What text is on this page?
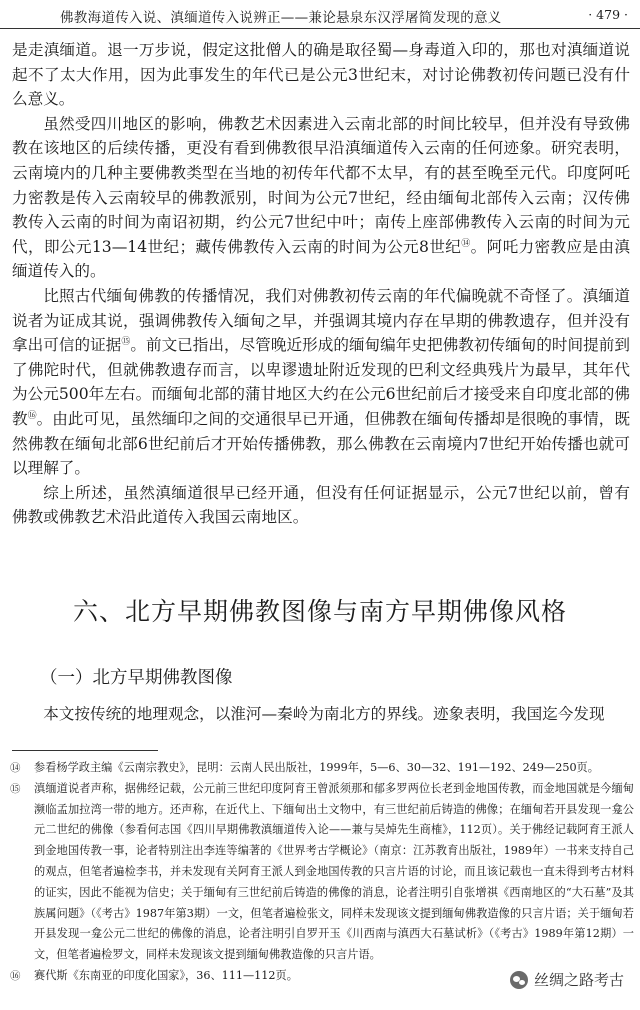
佛教海道传入说、滇缅道传入说辨正——兼论悬泉东汉浮屠简发现的意义	· 479 ·

是走滇缅道。退一万步说，假定这批僧人的确是取径蜀—身毒道入印的，那也对滇缅道说起不了太大作用，因为此事发生的年代已是公元3世纪末，对讨论佛教初传问题已没有什么意义。

虽然受四川地区的影响，佛教艺术因素进入云南北部的时间比较早，但并没有导致佛教在该地区的后续传播，更没有看到佛教很早沿滇缅道传入云南的任何迹象。研究表明，云南境内的几种主要佛教类型在当地的初传年代都不太早，有的甚至晚至元代。印度阿吒力密教是传入云南较早的佛教派别，时间为公元7世纪，经由缅甸北部传入云南；汉传佛教传入云南的时间为南诏初期，约公元7世纪中叶；南传上座部佛教传入云南的时间为元代，即公元13—14世纪；藏传佛教传入云南的时间为公元8世纪⑭。阿吒力密教应是由滇缅道传入的。

比照古代缅甸佛教的传播情况，我们对佛教初传云南的年代偏晚就不奇怪了。滇缅道说者为证成其说，强调佛教传入缅甸之早，并强调其境内存在早期的佛教遗存，但并没有拿出可信的证据⑮。前文已指出，尽管晚近形成的缅甸编年史把佛教初传缅甸的时间提前到了佛陀时代，但就佛教遗存而言，以卑谬遗址附近发现的巴利文经典残片为最早，其年代为公元500年左右。而缅甸北部的蒲甘地区大约在公元6世纪前后才接受来自印度北部的佛教⑯。由此可见，虽然缅印之间的交通很早已开通，但佛教在缅甸传播却是很晚的事情，既然佛教在缅甸北部6世纪前后才开始传播佛教，那么佛教在云南境内7世纪开始传播也就可以理解了。

综上所述，虽然滇缅道很早已经开通，但没有任何证据显示，公元7世纪以前，曾有佛教或佛教艺术沿此道传入我国云南地区。

六、北方早期佛教图像与南方早期佛像风格
（一）北方早期佛教图像
本文按传统的地理观念，以淮河—秦岭为南北方的界线。迹象表明，我国迄今发现
⑭	参看杨学政主编《云南宗教史》，昆明：云南人民出版社，1999年，5—6、30—32、191—192、249—250页。
⑮	滇缅道说者声称，据佛经记载，公元前三世纪印度阿育王曾派须那和郁多罗两位长老到金地国传教，而金地国就是今缅甸濒临孟加拉湾一带的地方。还声称，在近代上、下缅甸出土文物中，有三世纪前后铸造的佛像；在缅甸若开县发现一龛公元二世纪的佛像（参看何志国《四川早期佛教滇缅道传入论——兼与吴焯先生商榷》，112页）。关于佛经记载阿育王派人到金地国传教一事，论者特别注出李连等编著的《世界考古学概论》（南京：江苏教育出版社，1989年）一书来支持自己的观点，但笔者遍检李书，并未发现有关阿育王派人到金地国传教的只言片语的讨论，而且该记载也一直未得到考古材料的证实，因此不能视为信史；关于缅甸有三世纪前后铸造的佛像的消息，论者注明引自张增祺《西南地区的“大石墓”及其族属问题》（《考古》1987年第3期）一文，但笔者遍检张文，同样未发现该文提到缅甸佛教造像的只言片语；关于缅甸若开县发现一龛公元二世纪的佛像的消息，论者注明引自罗开玉《川西南与滇西大石墓试析》（《考古》1989年第12期）一文，但笔者遍检罗文，同样未发现该文提到缅甸佛教造像的只言片语。
⑯	赛代斯《东南亚的印度化国家》，36、111—112页。	丝绸之路考古
